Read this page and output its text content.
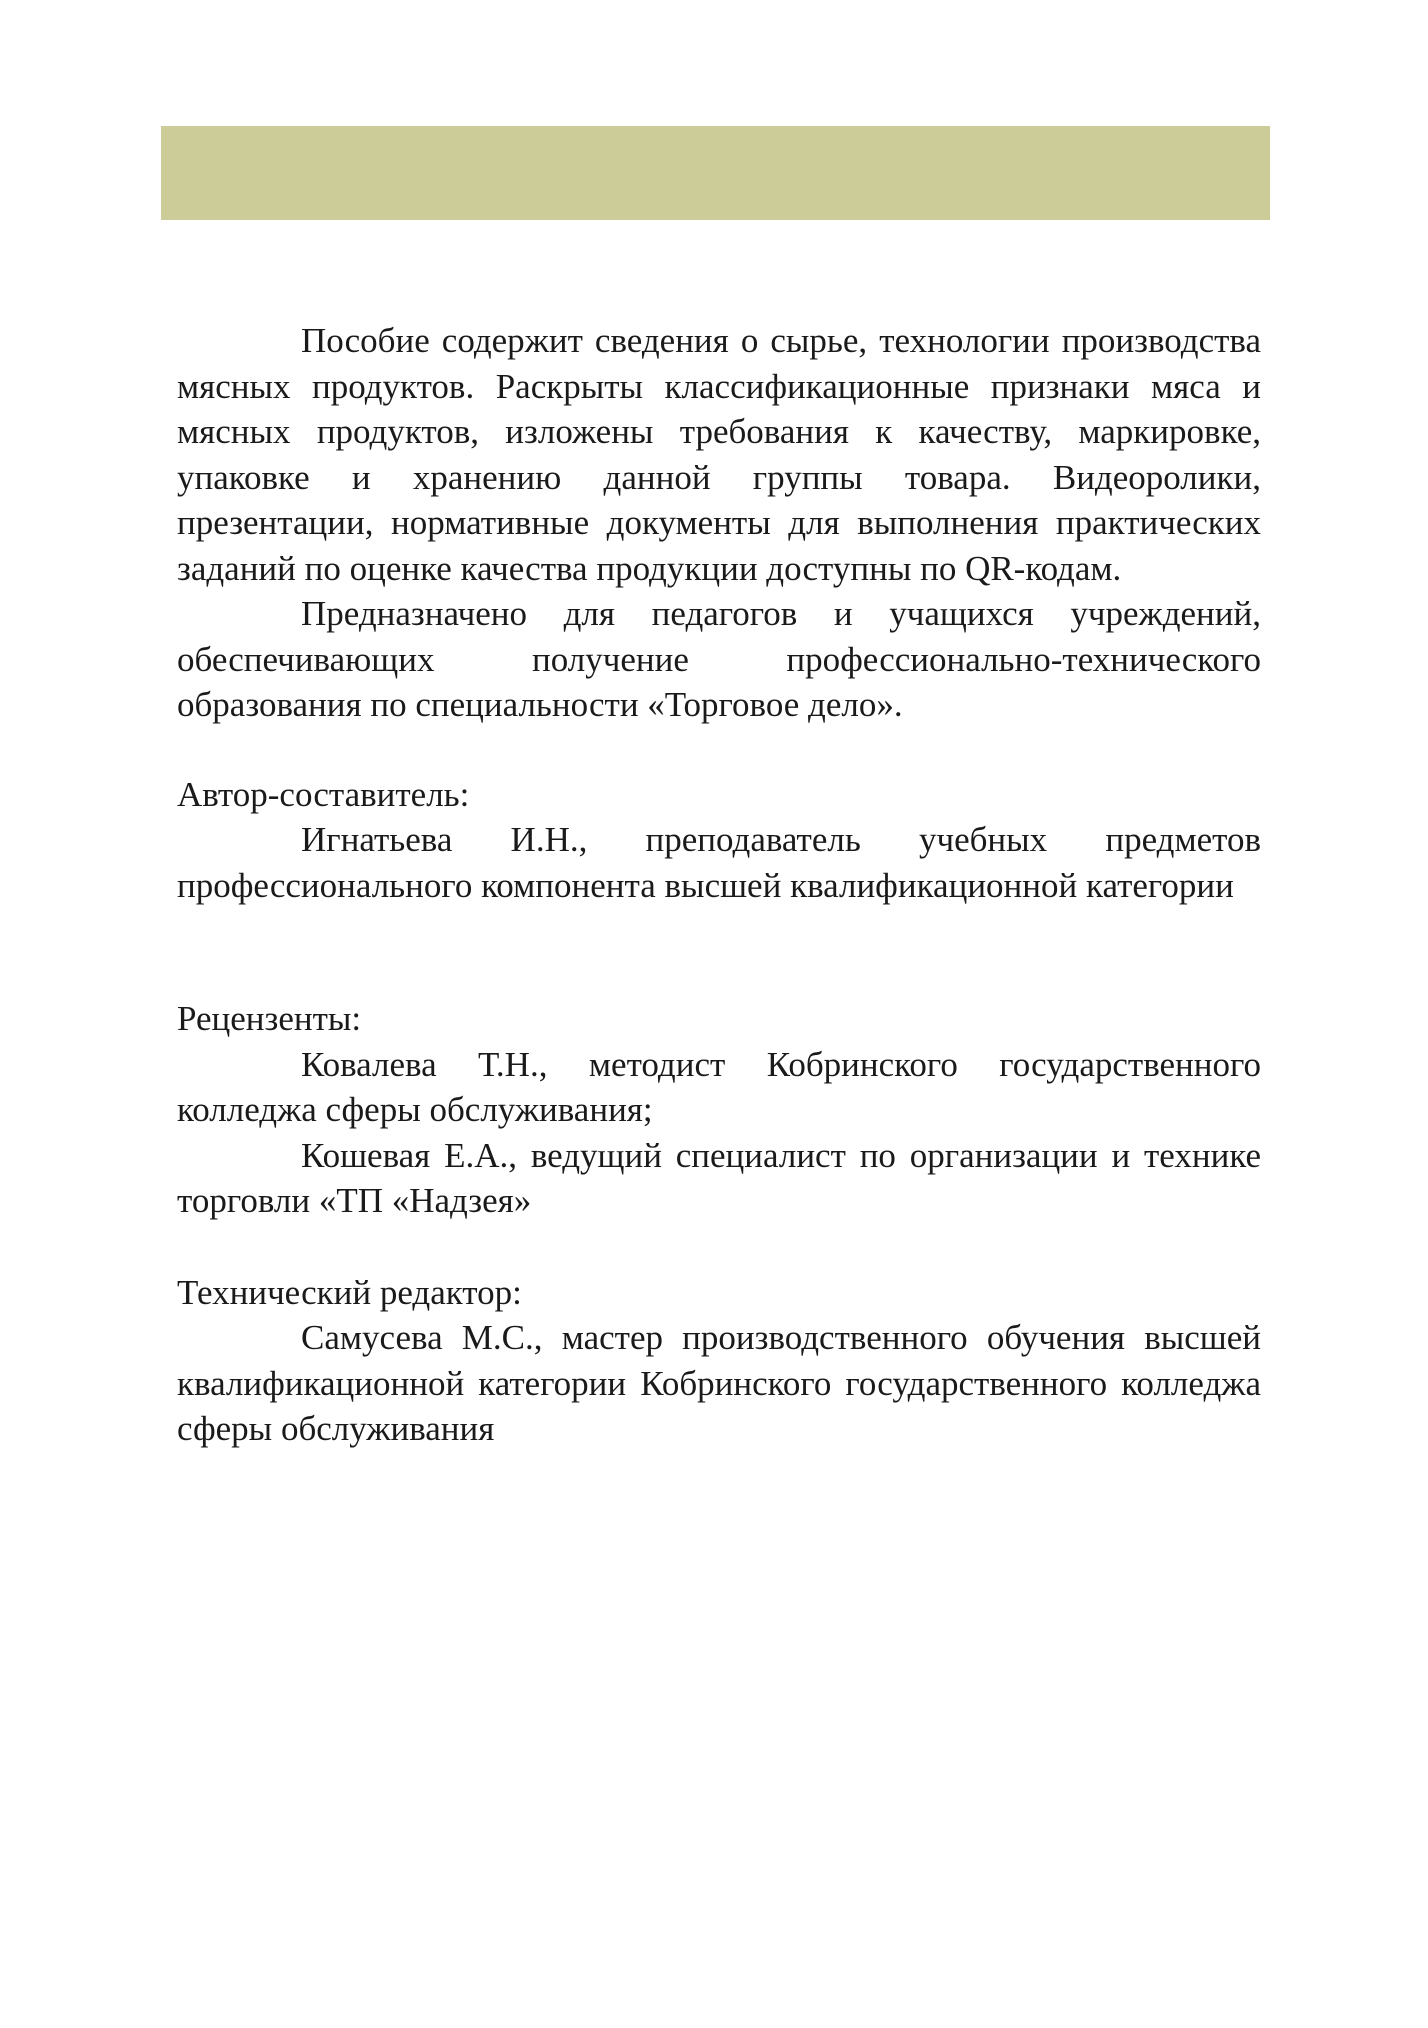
Пособие содержит сведения о сырье, технологии производства мясных продуктов. Раскрыты классификационные признаки мяса и мясных продуктов, изложены требования к качеству, маркировке, упаковке и хранению данной группы товара. Видеоролики, презентации, нормативные документы для выполнения практических заданий по оценке качества продукции доступны по QR-кодам.

Предназначено для педагогов и учащихся учреждений, обеспечивающих получение профессионально-технического образования по специальности «Торговое дело».

Автор-составитель:

Игнатьева И.Н., преподаватель учебных предметов профессионального компонента высшей квалификационной категории

Рецензенты:

Ковалева Т.Н., методист Кобринского государственного колледжа сферы обслуживания;

Кошевая Е.А., ведущий специалист по организации и технике торговли «ТП «Надзея»

Технический редактор:

Самусева М.С., мастер производственного обучения высшей квалификационной категории Кобринского государственного колледжа сферы обслуживания
